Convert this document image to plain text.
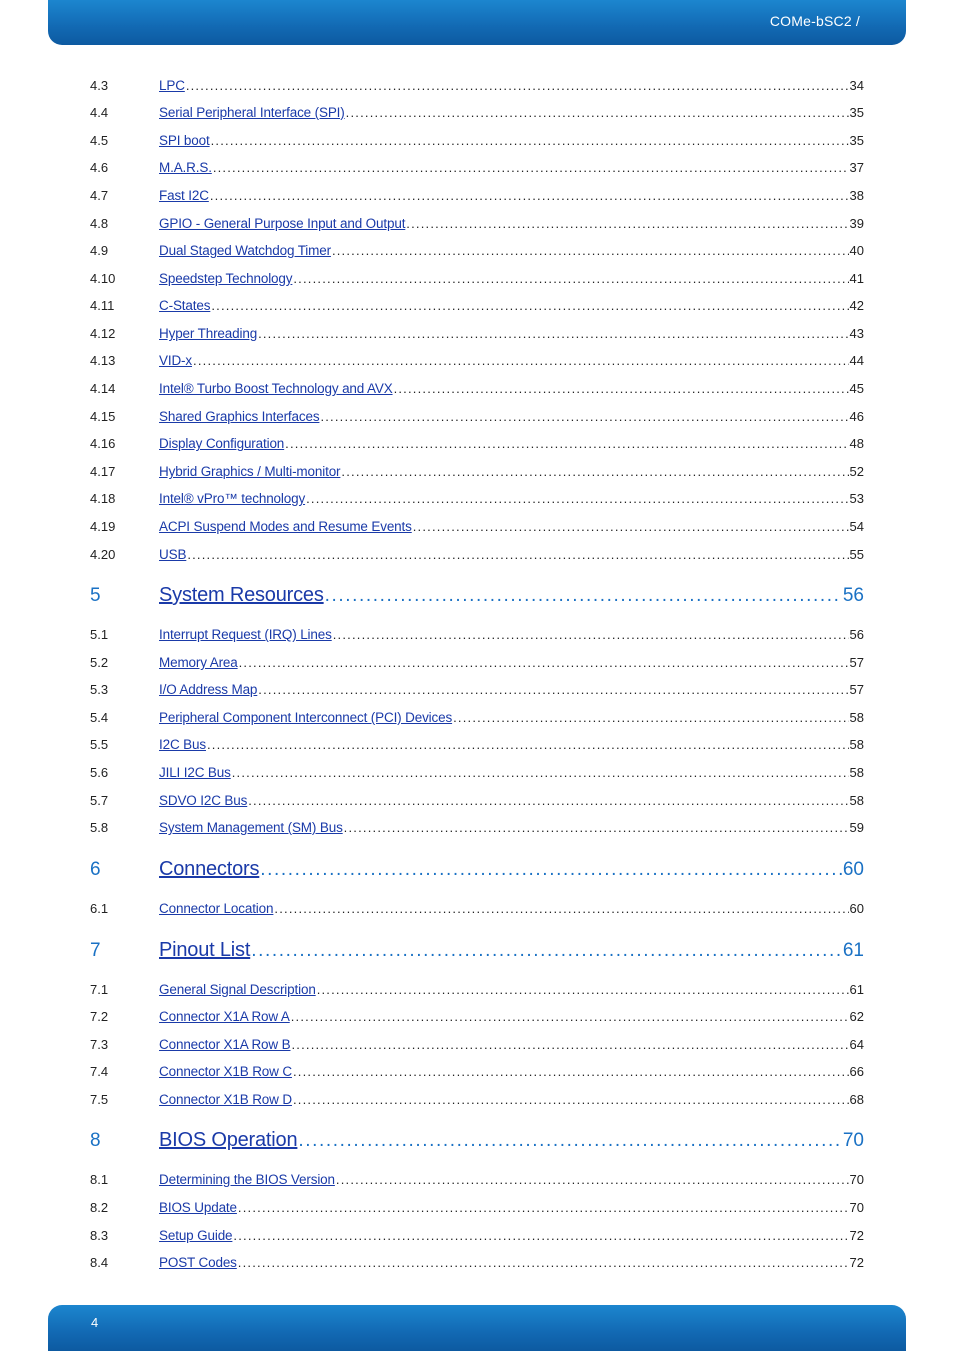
COMe-bSC2 /
4.3	LPC .....	34
4.4	Serial Peripheral Interface (SPI) .....	35
4.5	SPI boot .....	35
4.6	M.A.R.S. .....	37
4.7	Fast I2C .....	38
4.8	GPIO - General Purpose Input and Output .....	39
4.9	Dual Staged Watchdog Timer .....	40
4.10	Speedstep Technology .....	41
4.11	C-States .....	42
4.12	Hyper Threading .....	43
4.13	VID-x .....	44
4.14	Intel® Turbo Boost Technology and AVX .....	45
4.15	Shared Graphics Interfaces .....	46
4.16	Display Configuration .....	48
4.17	Hybrid Graphics / Multi-monitor .....	52
4.18	Intel® vPro™ technology .....	53
4.19	ACPI Suspend Modes and Resume Events .....	54
4.20	USB .....	55
5	System Resources .....	56
5.1	Interrupt Request (IRQ) Lines .....	56
5.2	Memory Area .....	57
5.3	I/O Address Map .....	57
5.4	Peripheral Component Interconnect (PCI) Devices .....	58
5.5	I2C Bus .....	58
5.6	JILI I2C Bus .....	58
5.7	SDVO I2C Bus .....	58
5.8	System Management (SM) Bus .....	59
6	Connectors .....	60
6.1	Connector Location .....	60
7	Pinout List .....	61
7.1	General Signal Description .....	61
7.2	Connector X1A Row A .....	62
7.3	Connector X1A Row B .....	64
7.4	Connector X1B Row C .....	66
7.5	Connector X1B Row D .....	68
8	BIOS Operation .....	70
8.1	Determining the BIOS Version .....	70
8.2	BIOS Update .....	70
8.3	Setup Guide .....	72
8.4	POST Codes .....	72
4
